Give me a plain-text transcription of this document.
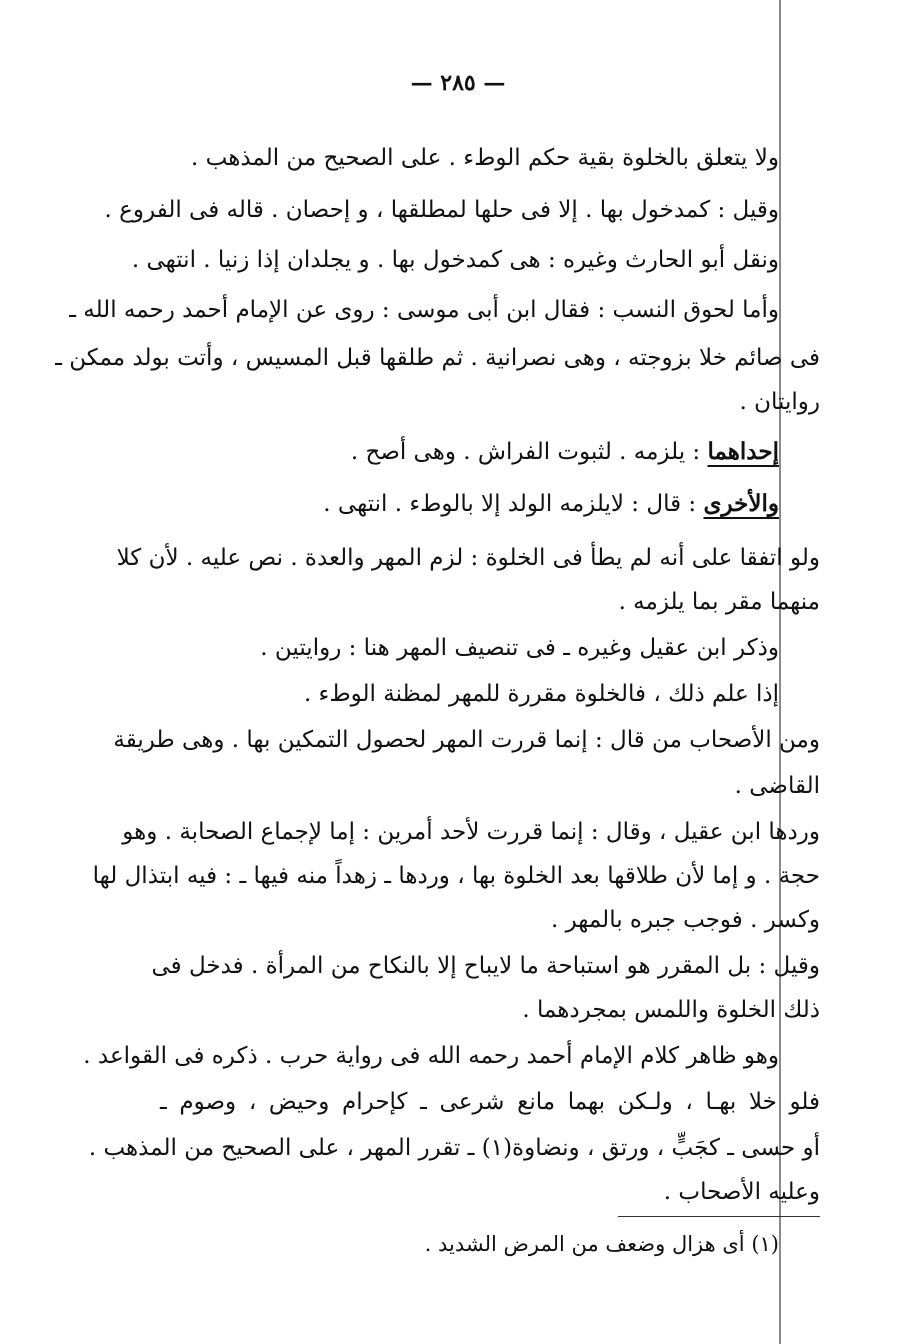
— ٢٨٥ —
ولا يتعلق بالخلوة بقية حكم الوطء . على الصحيح من المذهب .
وقيل : كمدخول بها . إلا فى حلها لمطلقها ، و إحصان . قاله فى الفروع .
ونقل أبو الحارث وغيره : هى كمدخول بها . و يجلدان إذا زنيا . انتهى .
وأما لحوق النسب : فقال ابن أبى موسى : روى عن الإمام أحمد رحمه الله ـ
فى صائم خلا بزوجته ، وهى نصرانية . ثم طلقها قبل المسيس ، وأتت بولد ممكن ـ
روايتان .
إحداهما : يلزمه . لثبوت الفراش . وهى أصح .
والأخرى : قال : لايلزمه الولد إلا بالوطء . انتهى .
ولو اتفقا على أنه لم يطأ فى الخلوة : لزم المهر والعدة . نص عليه . لأن كلا
منهما مقر بما يلزمه .
وذكر ابن عقيل وغيره ـ فى تنصيف المهر هنا : روايتين .
إذا علم ذلك ، فالخلوة مقررة للمهر لمظنة الوطء .
ومن الأصحاب من قال : إنما قررت المهر لحصول التمكين بها . وهى طريقة
القاضى .
وردها ابن عقيل ، وقال : إنما قررت لأحد أمرين : إما لإجماع الصحابة . وهو
حجة . و إما لأن طلاقها بعد الخلوة بها ، وردها ـ زهداً منه فيها ـ : فيه ابتذال لها
وكسر . فوجب جبره بالمهر .
وقيل : بل المقرر هو استباحة ما لايباح إلا بالنكاح من المرأة . فدخل فى
ذلك الخلوة واللمس بمجردهما .
وهو ظاهر كلام الإمام أحمد رحمه الله فى رواية حرب . ذكره فى القواعد .
فلو خلا بهـا ، ولـكن بهما مانع شرعى ـ كإحرام وحيض ، وصوم ـ
أو حسى ـ كجَبٍّ ، ورتق ، ونضاوة(١) ـ تقرر المهر ، على الصحيح من المذهب .
وعليه الأصحاب .
(١) أى هزال وضعف من المرض الشديد .
